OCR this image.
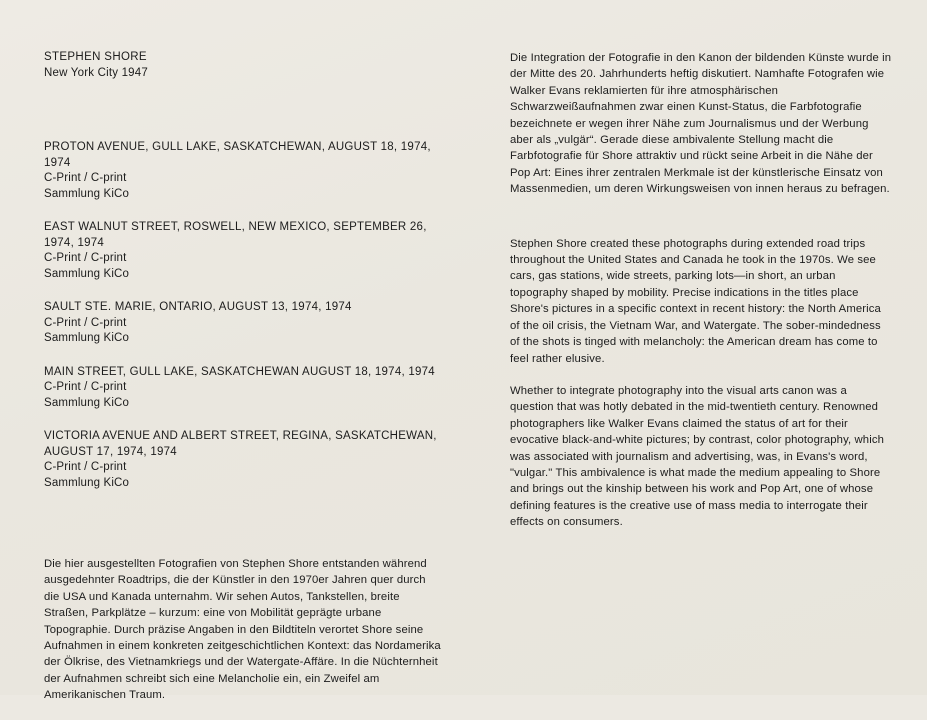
STEPHEN SHORE

New York City 1947

PROTON AVENUE, GULL LAKE, SASKATCHEWAN, AUGUST 18, 1974, 1974

C-Print / C-print

Sammlung KiCo

EAST WALNUT STREET, ROSWELL, NEW MEXICO, SEPTEMBER 26, 1974, 1974

C-Print / C-print

Sammlung KiCo

SAULT STE. MARIE, ONTARIO, AUGUST 13, 1974, 1974

C-Print / C-print

Sammlung KiCo

MAIN STREET, GULL LAKE, SASKATCHEWAN AUGUST 18, 1974, 1974

C-Print / C-print

Sammlung KiCo

VICTORIA AVENUE AND ALBERT STREET, REGINA, SASKATCHEWAN, AUGUST 17, 1974, 1974

C-Print / C-print

Sammlung KiCo

Die hier ausgestellten Fotografien von Stephen Shore entstanden während ausgedehnter Roadtrips, die der Künstler in den 1970er Jahren quer durch die USA und Kanada unternahm. Wir sehen Autos, Tankstellen, breite Straßen, Parkplätze – kurzum: eine von Mobilität geprägte urbane Topographie. Durch präzise Angaben in den Bildtiteln verortet Shore seine Aufnahmen in einem konkreten zeitgeschichtlichen Kontext: das Nordamerika der Ölkrise, des Vietnamkriegs und der Watergate-Affäre. In die Nüchternheit der Aufnahmen schreibt sich eine Melancholie ein, ein Zweifel am Amerikanischen Traum.

Die Integration der Fotografie in den Kanon der bildenden Künste wurde in der Mitte des 20. Jahrhunderts heftig diskutiert. Namhafte Fotografen wie Walker Evans reklamierten für ihre atmosphärischen Schwarzweißaufnahmen zwar einen Kunst-Status, die Farbfotografie bezeichnete er wegen ihrer Nähe zum Journalismus und der Werbung aber als „vulgär“. Gerade diese ambivalente Stellung macht die Farbfotografie für Shore attraktiv und rückt seine Arbeit in die Nähe der Pop Art: Eines ihrer zentralen Merkmale ist der künstlerische Einsatz von Massenmedien, um deren Wirkungsweisen von innen heraus zu befragen.

Stephen Shore created these photographs during extended road trips throughout the United States and Canada he took in the 1970s. We see cars, gas stations, wide streets, parking lots—in short, an urban topography shaped by mobility. Precise indications in the titles place Shore's pictures in a specific context in recent history: the North America of the oil crisis, the Vietnam War, and Watergate. The sober-mindedness of the shots is tinged with melancholy: the American dream has come to feel rather elusive.

Whether to integrate photography into the visual arts canon was a question that was hotly debated in the mid-twentieth century. Renowned photographers like Walker Evans claimed the status of art for their evocative black-and-white pictures; by contrast, color photography, which was associated with journalism and advertising, was, in Evans's word, "vulgar." This ambivalence is what made the medium appealing to Shore and brings out the kinship between his work and Pop Art, one of whose defining features is the creative use of mass media to interrogate their effects on consumers.
